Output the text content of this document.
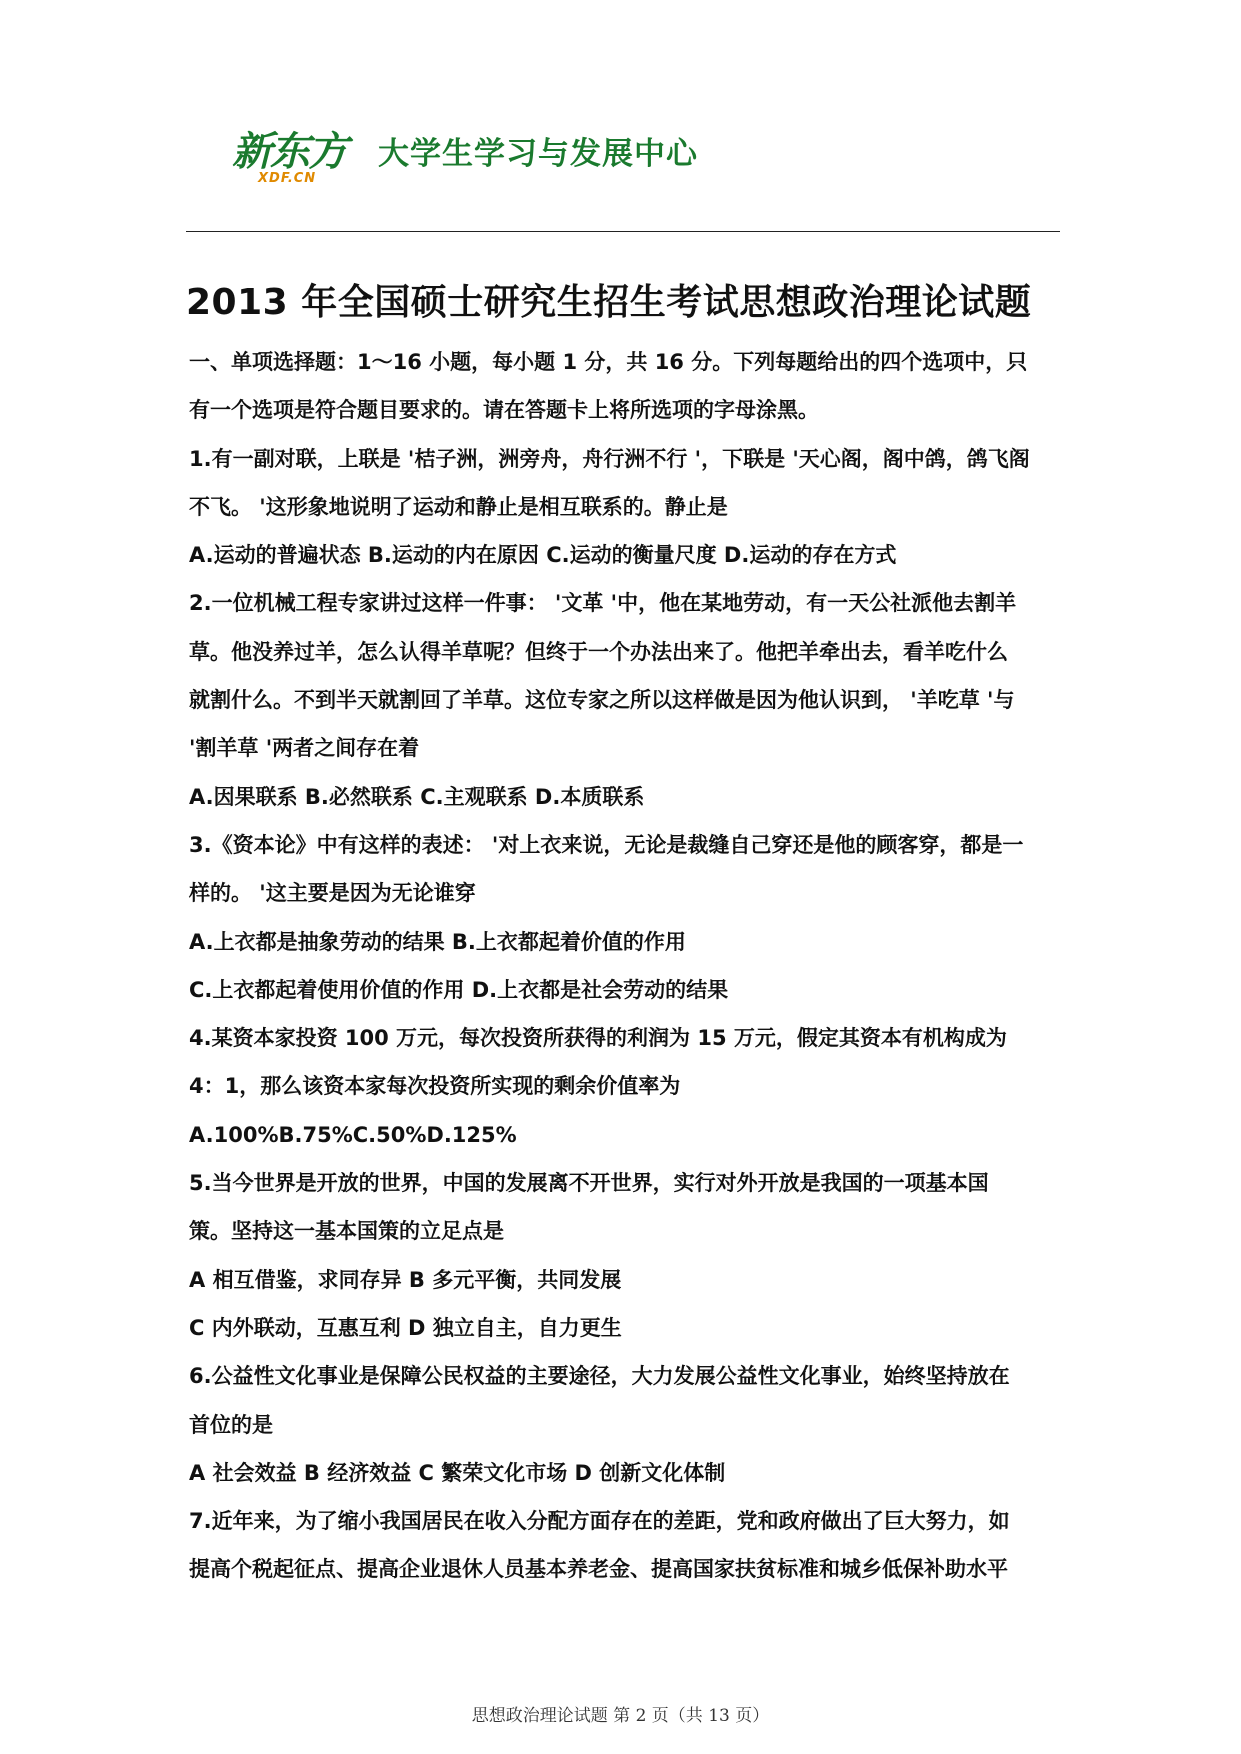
新东方
XDF.CN
大学生学习与发展中心
2013 年全国硕士研究生招生考试思想政治理论试题
一、单项选择题：1～16 小题，每小题 1 分，共 16 分。下列每题给出的四个选项中，只
有一个选项是符合题目要求的。请在答题卡上将所选项的字母涂黑。
1.有一副对联，上联是 '桔子洲，洲旁舟，舟行洲不行 '，下联是 '天心阁，阁中鸽，鸽飞阁
不飞。 '这形象地说明了运动和静止是相互联系的。静止是
A.运动的普遍状态 B.运动的内在原因 C.运动的衡量尺度 D.运动的存在方式
2.一位机械工程专家讲过这样一件事： '文革 '中，他在某地劳动，有一天公社派他去割羊
草。他没养过羊，怎么认得羊草呢？但终于一个办法出来了。他把羊牵出去，看羊吃什么
就割什么。不到半天就割回了羊草。这位专家之所以这样做是因为他认识到， '羊吃草 '与
'割羊草 '两者之间存在着
A.因果联系 B.必然联系 C.主观联系 D.本质联系
3.《资本论》中有这样的表述： '对上衣来说，无论是裁缝自己穿还是他的顾客穿，都是一
样的。 '这主要是因为无论谁穿
A.上衣都是抽象劳动的结果 B.上衣都起着价值的作用
C.上衣都起着使用价值的作用 D.上衣都是社会劳动的结果
4.某资本家投资 100 万元，每次投资所获得的利润为 15 万元，假定其资本有机构成为
4：1，那么该资本家每次投资所实现的剩余价值率为
A.100%B.75%C.50%D.125%
5.当今世界是开放的世界，中国的发展离不开世界，实行对外开放是我国的一项基本国
策。坚持这一基本国策的立足点是
A 相互借鉴，求同存异 B 多元平衡，共同发展
C 内外联动，互惠互利 D 独立自主，自力更生
6.公益性文化事业是保障公民权益的主要途径，大力发展公益性文化事业，始终坚持放在
首位的是
A 社会效益 B 经济效益 C 繁荣文化市场 D 创新文化体制
7.近年来，为了缩小我国居民在收入分配方面存在的差距，党和政府做出了巨大努力，如
提高个税起征点、提高企业退休人员基本养老金、提高国家扶贫标准和城乡低保补助水平
思想政治理论试题 第 2 页（共 13 页）
